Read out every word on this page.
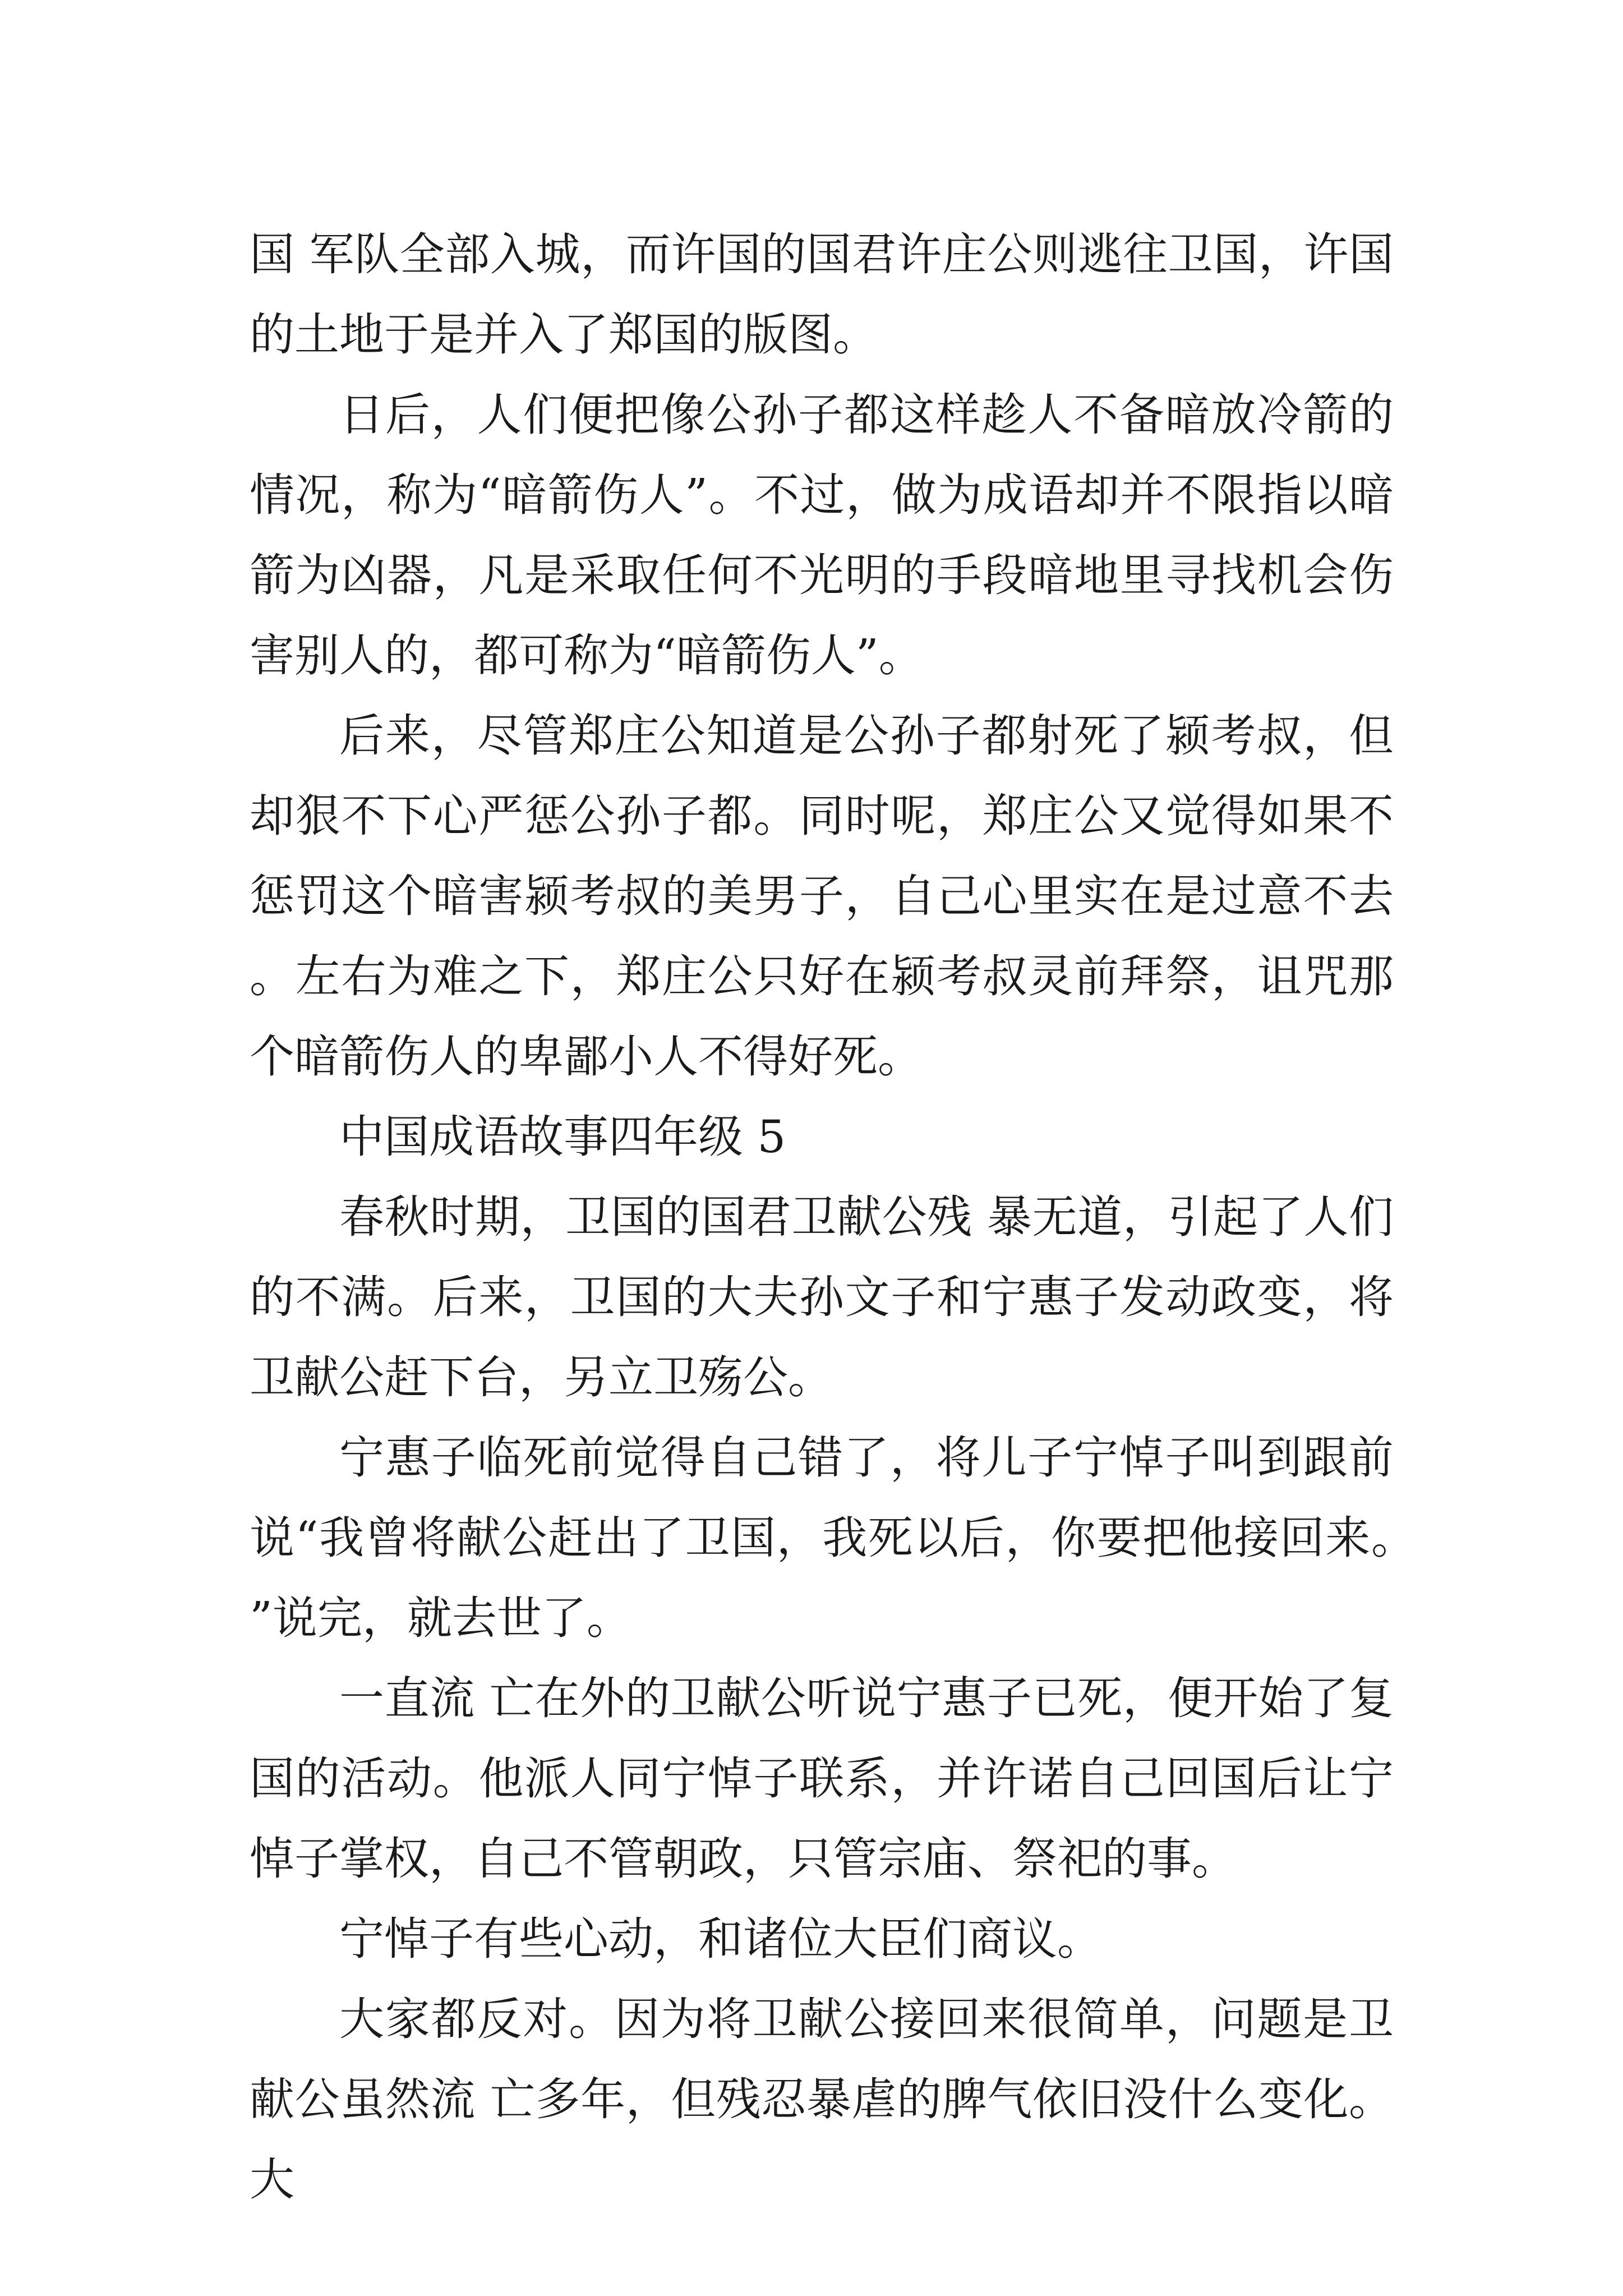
国 军队全部入城，而许国的国君许庄公则逃往卫国，许国的土地于是并入了郑国的版图。

日后，人们便把像公孙子都这样趁人不备暗放冷箭的情况，称为“暗箭伤人”。不过，做为成语却并不限指以暗箭为凶器，凡是采取任何不光明的手段暗地里寻找机会伤害别人的，都可称为“暗箭伤人”。

后来，尽管郑庄公知道是公孙子都射死了颍考叔，但却狠不下心严惩公孙子都。同时呢，郑庄公又觉得如果不惩罚这个暗害颍考叔的美男子，自己心里实在是过意不去。左右为难之下，郑庄公只好在颍考叔灵前拜祭，诅咒那个暗箭伤人的卑鄙小人不得好死。

中国成语故事四年级 5

春秋时期，卫国的国君卫献公残 暴无道，引起了人们的不满。后来，卫国的大夫孙文子和宁惠子发动政变，将卫献公赶下台，另立卫殇公。

宁惠子临死前觉得自己错了，将儿子宁悼子叫到跟前说“我曾将献公赶出了卫国，我死以后，你要把他接回来。”说完，就去世了。

一直流 亡在外的卫献公听说宁惠子已死，便开始了复国的活动。他派人同宁悼子联系，并许诺自己回国后让宁悼子掌权，自己不管朝政，只管宗庙、祭祀的事。

宁悼子有些心动，和诸位大臣们商议。

大家都反对。因为将卫献公接回来很简单，问题是卫献公虽然流 亡多年，但残忍暴虐的脾气依旧没什么变化。大
